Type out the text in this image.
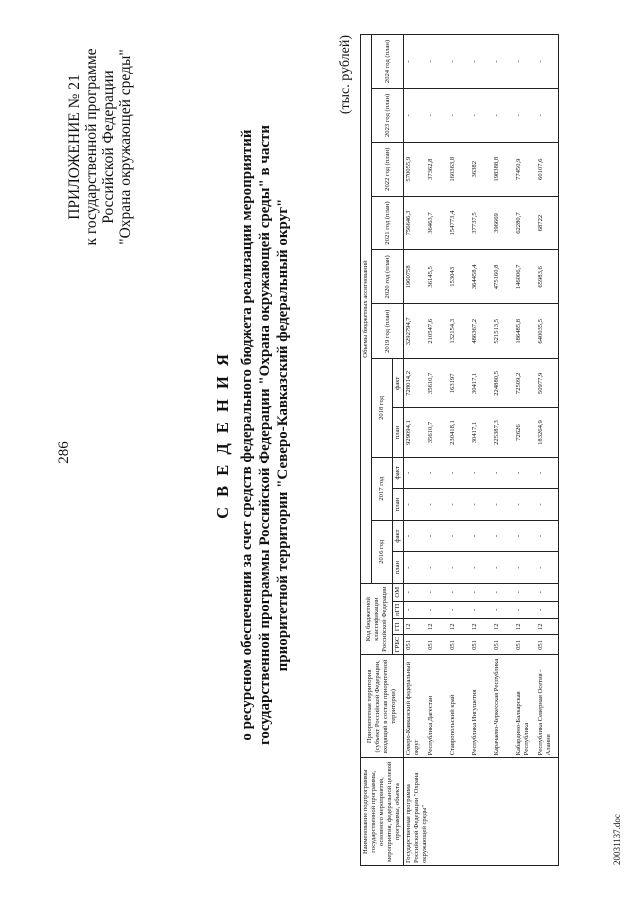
286
ПРИЛОЖЕНИЕ № 21 к государственной программе Российской Федерации "Охрана окружающей среды"
С В Е Д Е Н И Я о ресурсном обеспечении за счет средств федерального бюджета реализации мероприятий государственной программы Российской Федерации "Охрана окружающей среды" в части приоритетной территории "Северо-Кавказский федеральный округ"
(тыс. рублей)
Наименование подпрограммы государственной программы, основного мероприятия, мероприятия, федеральной целевой программы, объекта	Приоритетная территория (субъект Российской Федерации, входящий в состав приоритетной территории)	Код бюджетной классификации Российской Федерации				Объемы бюджетных ассигнований											
						2016 год		2017 год		2018 год		2019 год (план)	2020 год (план)	2021 год (план)	2022 год (план)	2023 год (план)	2024 год (план)
		ГРБС	ГП	пГП	ОМ	план	факт	план	факт	план	факт						
Государственная программа Российской Федерации "Охрана окружающей среды"	Северо-Кавказский федеральный округ	051	12	-	-	-	-	-	-	929094,1	728014,2	3292794,7	1960758	756646,3	570055,9	-	-
	Республика Дагестан	051	12	-	-	-	-	-	-	35610,7	35610,7	210547,6	36145,5	36463,7	37362,8	-	-
	Ставропольский край	051	12	-	-	-	-	-	-	230418,1	163197	132154,3	153043	154773,4	160363,8	-	-
	Республика Ингушетия	051	12	-	-	-	-	-	-	30417,1	30417,1	486367,2	364458,4	37737,5	36382	-	-
	Карачаево-Черкесская Республика	051	12	-	-	-	-	-	-	225387,3	224880,5	521513,5	475160,8	396669	198388,8	-	-
	Кабардино-Балкарская Республика	051	12	-	-	-	-	-	-	72626	72509,2	186485,8	146006,7	62280,7	77450,9	-	-
	Республика Северная Осетия - Алания	051	12	-	-	-	-	-	-	183264,9	50977,9	640035,5	65983,6	68722	60107,6	-	-
20031137.doc
